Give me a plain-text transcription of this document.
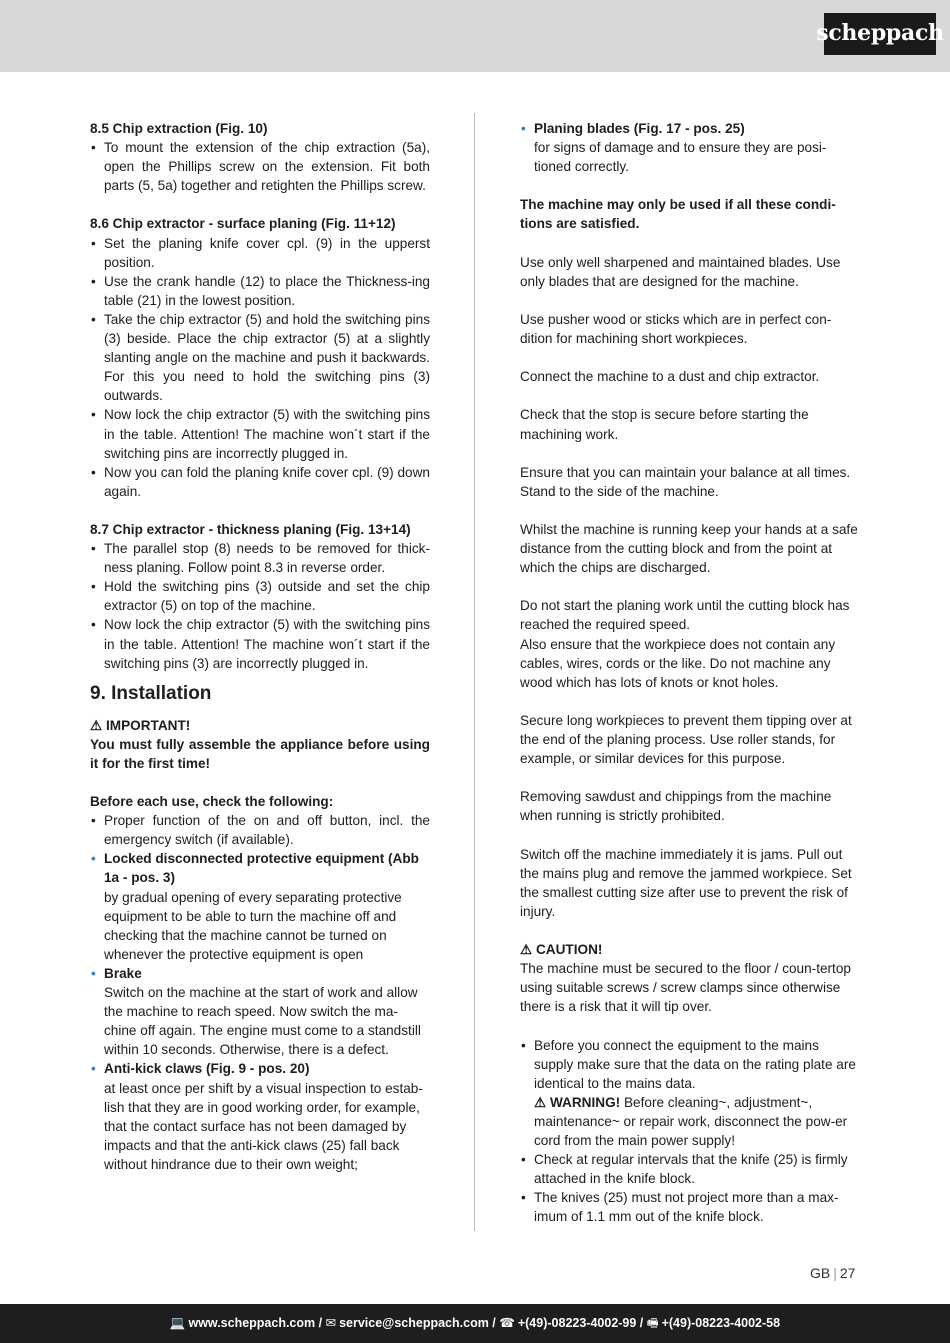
scheppach
8.5 Chip extraction (Fig. 10)
• To mount the extension of the chip extraction (5a), open the Phillips screw on the extension. Fit both parts (5, 5a) together and retighten the Phillips screw.
8.6 Chip extractor - surface planing (Fig. 11+12)
• Set the planing knife cover cpl. (9) in the upperst position.
• Use the crank handle (12) to place the Thickness-ing table (21) in the lowest position.
• Take the chip extractor (5) and hold the switching pins (3) beside. Place the chip extractor (5) at a slightly slanting angle on the machine and push it backwards. For this you need to hold the switching pins (3) outwards.
• Now lock the chip extractor (5) with the switching pins in the table. Attention! The machine won´t start if the switching pins are incorrectly plugged in.
• Now you can fold the planing knife cover cpl. (9) down again.
8.7 Chip extractor - thickness planing (Fig. 13+14)
• The parallel stop (8) needs to be removed for thick-ness planing. Follow point 8.3 in reverse order.
• Hold the switching pins (3) outside and set the chip extractor (5) on top of the machine.
• Now lock the chip extractor (5) with the switching pins in the table. Attention! The machine won´t start if the switching pins (3) are incorrectly plugged in.
9. Installation
⚠ IMPORTANT!
You must fully assemble the appliance before using it for the first time!
Before each use, check the following:
• Proper function of the on and off button, incl. the emergency switch (if available).
• Locked disconnected protective equipment (Abb 1a - pos. 3)
by gradual opening of every separating protective equipment to be able to turn the machine off and checking that the machine cannot be turned on whenever the protective equipment is open
• Brake
Switch on the machine at the start of work and allow the machine to reach speed. Now switch the ma-chine off again. The engine must come to a standstill within 10 seconds. Otherwise, there is a defect.
• Anti-kick claws (Fig. 9 - pos. 20)
at least once per shift by a visual inspection to estab-lish that they are in good working order, for example, that the contact surface has not been damaged by impacts and that the anti-kick claws (25) fall back without hindrance due to their own weight;
• Planing blades (Fig. 17 - pos. 25)
for signs of damage and to ensure they are posi-tioned correctly.
The machine may only be used if all these condi-tions are satisfied.

Use only well sharpened and maintained blades. Use only blades that are designed for the machine.

Use pusher wood or sticks which are in perfect con-dition for machining short workpieces.

Connect the machine to a dust and chip extractor.

Check that the stop is secure before starting the machining work.

Ensure that you can maintain your balance at all times. Stand to the side of the machine.

Whilst the machine is running keep your hands at a safe distance from the cutting block and from the point at which the chips are discharged.

Do not start the planing work until the cutting block has reached the required speed.

Also ensure that the workpiece does not contain any cables, wires, cords or the like. Do not machine any wood which has lots of knots or knot holes.

Secure long workpieces to prevent them tipping over at the end of the planing process. Use roller stands, for example, or similar devices for this purpose.

Removing sawdust and chippings from the machine when running is strictly prohibited.

Switch off the machine immediately it is jams. Pull out the mains plug and remove the jammed workpiece. Set the smallest cutting size after use to prevent the risk of injury.

⚠ CAUTION!

The machine must be secured to the floor / coun-tertop using suitable screws / screw clamps since otherwise there is a risk that it will tip over.

• Before you connect the equipment to the mains supply make sure that the data on the rating plate are identical to the mains data.
⚠ WARNING! Before cleaning~, adjustment~, maintenance~ or repair work, disconnect the pow-er cord from the main power supply!
• Check at regular intervals that the knife (25) is firmly attached in the knife block.
• The knives (25) must not project more than a max-imum of 1.1 mm out of the knife block.
GB | 27
💻 www.scheppach.com / ✉ service@scheppach.com / ☎ +(49)-08223-4002-99 / 🖷 +(49)-08223-4002-58
